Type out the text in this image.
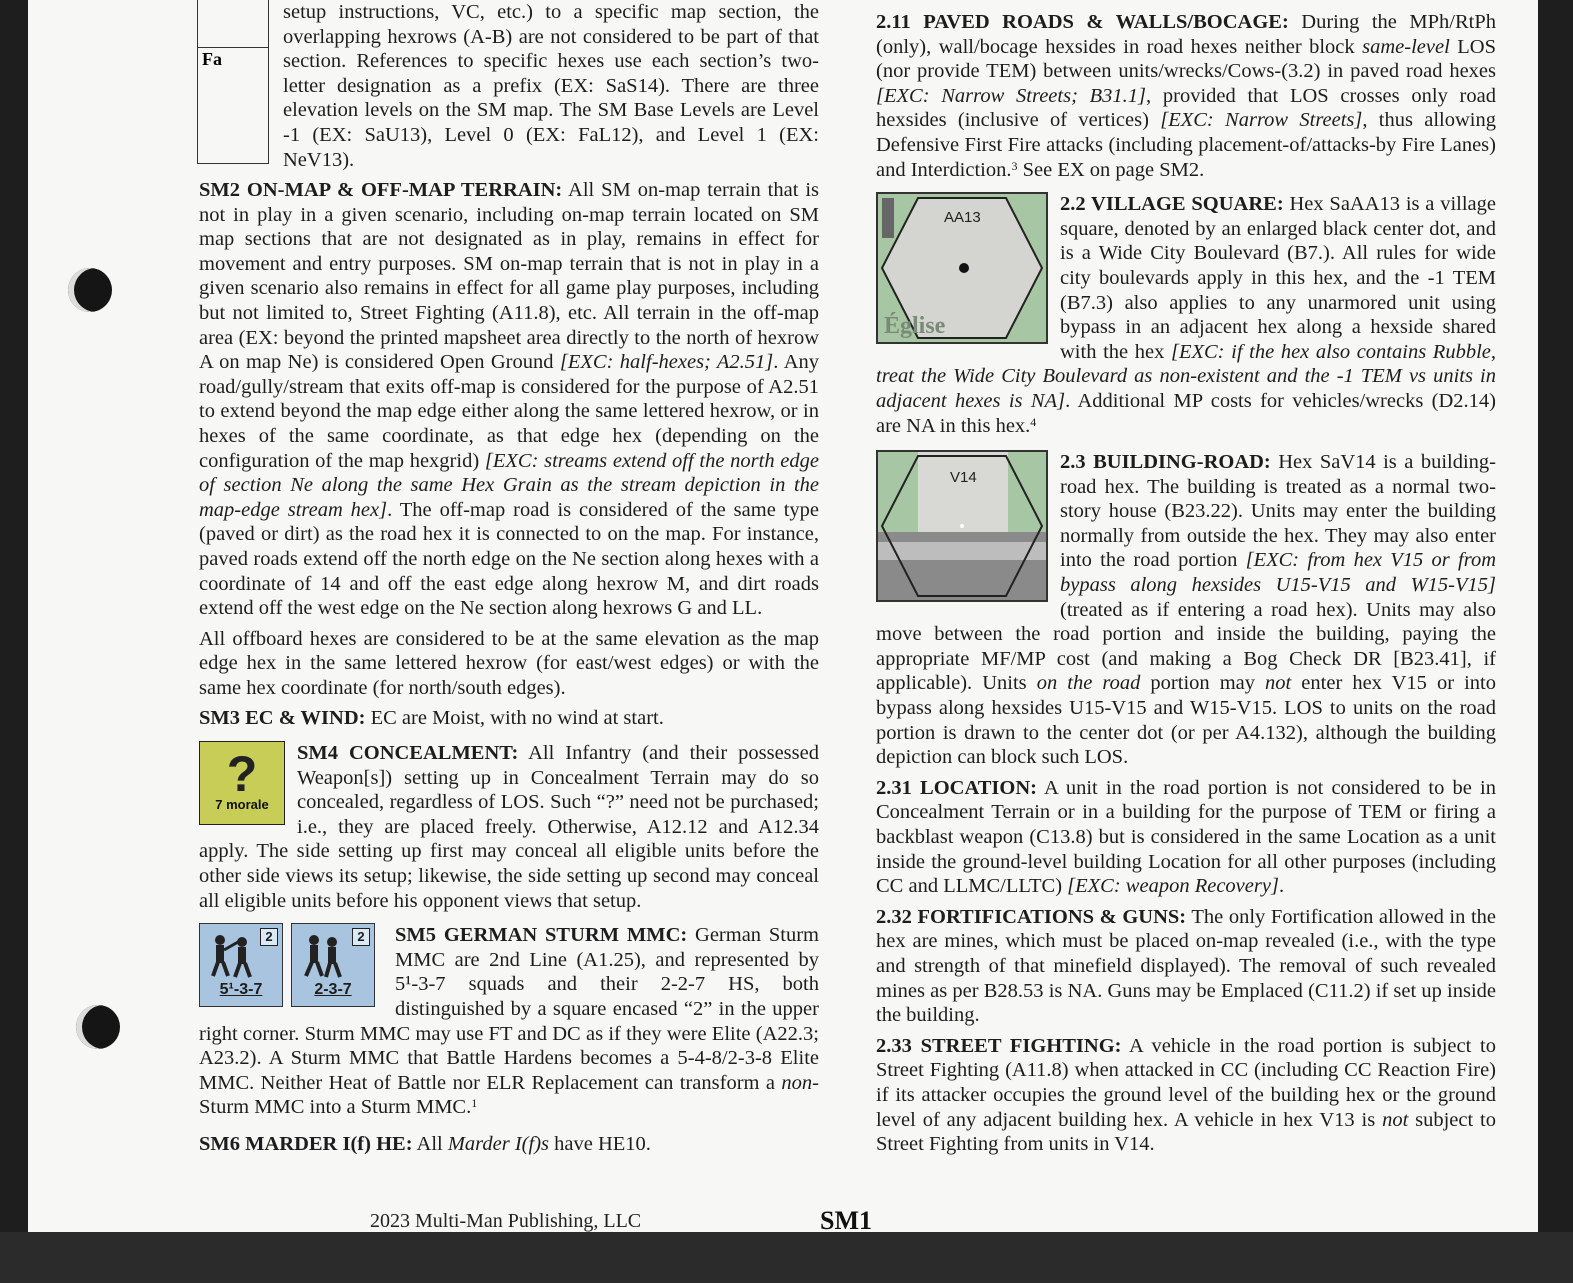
Fa

setup instructions, VC, etc.) to a specific map section, the overlapping hexrows (A-B) are not considered to be part of that section. References to specific hexes use each section’s two-letter designation as a prefix (EX: SaS14). There are three elevation levels on the SM map. The SM Base Levels are Level -1 (EX: SaU13), Level 0 (EX: FaL12), and Level 1 (EX: NeV13).

SM2 ON-MAP & OFF-MAP TERRAIN: All SM on-map terrain that is not in play in a given scenario, including on-map terrain located on SM map sections that are not designated as in play, remains in effect for movement and entry purposes. SM on-map terrain that is not in play in a given scenario also remains in effect for all game play purposes, including but not limited to, Street Fighting (A11.8), etc. All terrain in the off-map area (EX: beyond the printed mapsheet area directly to the north of hexrow A on map Ne) is considered Open Ground [EXC: half-hexes; A2.51]. Any road/gully/stream that exits off-map is considered for the purpose of A2.51 to extend beyond the map edge either along the same lettered hexrow, or in hexes of the same coordinate, as that edge hex (depending on the configuration of the map hexgrid) [EXC: streams extend off the north edge of section Ne along the same Hex Grain as the stream depiction in the map-edge stream hex]. The off-map road is considered of the same type (paved or dirt) as the road hex it is connected to on the map. For instance, paved roads extend off the north edge on the Ne section along hexes with a coordinate of 14 and off the east edge along hexrow M, and dirt roads extend off the west edge on the Ne section along hexrows G and LL.

All offboard hexes are considered to be at the same elevation as the map edge hex in the same lettered hexrow (for east/west edges) or with the same hex coordinate (for north/south edges).

SM3 EC & WIND: EC are Moist, with no wind at start.

?
7 morale

SM4 CONCEALMENT: All Infantry (and their possessed Weapon[s]) setting up in Concealment Terrain may do so concealed, regardless of LOS. Such “?” need not be purchased; i.e., they are placed freely. Otherwise, A12.12 and A12.34 apply. The side setting up first may conceal all eligible units before the other side views its setup; likewise, the side setting up second may conceal all eligible units before his opponent views that setup.

2
5¹-3-7
2
2-3-7

SM5 GERMAN STURM MMC: German Sturm MMC are 2nd Line (A1.25), and represented by 5¹-3-7 squads and their 2-2-7 HS, both distinguished by a square encased “2” in the upper right corner. Sturm MMC may use FT and DC as if they were Elite (A22.3; A23.2). A Sturm MMC that Battle Hardens becomes a 5-4-8/2-3-8 Elite MMC. Neither Heat of Battle nor ELR Replacement can transform a non-Sturm MMC into a Sturm MMC.$^1$

SM6 MARDER I(f) HE: All Marder I(f)s have HE10.

2.11 PAVED ROADS & WALLS/BOCAGE: During the MPh/RtPh (only), wall/bocage hexsides in road hexes neither block same-level LOS (nor provide TEM) between units/wrecks/Cows-(3.2) in paved road hexes [EXC: Narrow Streets; B31.1], provided that LOS crosses only road hexsides (inclusive of vertices) [EXC: Narrow Streets], thus allowing Defensive First Fire attacks (including placement-of/attacks-by Fire Lanes) and Interdiction.$^3$ See EX on page SM2.

AA13
Église

2.2 VILLAGE SQUARE: Hex SaAA13 is a village square, denoted by an enlarged black center dot, and is a Wide City Boulevard (B7.). All rules for wide city boulevards apply in this hex, and the -1 TEM (B7.3) also applies to any unarmored unit using bypass in an adjacent hex along a hexside shared with the hex [EXC: if the hex also contains Rubble, treat the Wide City Boulevard as non-existent and the -1 TEM vs units in adjacent hexes is NA]. Additional MP costs for vehicles/wrecks (D2.14) are NA in this hex.$^4$

V14

2.3 BUILDING-ROAD: Hex SaV14 is a building-road hex. The building is treated as a normal two-story house (B23.22). Units may enter the building normally from outside the hex. They may also enter into the road portion [EXC: from hex V15 or from bypass along hexsides U15-V15 and W15-V15] (treated as if entering a road hex). Units may also move between the road portion and inside the building, paying the appropriate MF/MP cost (and making a Bog Check DR [B23.41], if applicable). Units on the road portion may not enter hex V15 or into bypass along hexsides U15-V15 and W15-V15. LOS to units on the road portion is drawn to the center dot (or per A4.132), although the building depiction can block such LOS.

2.31 LOCATION: A unit in the road portion is not considered to be in Concealment Terrain or in a building for the purpose of TEM or firing a backblast weapon (C13.8) but is considered in the same Location as a unit inside the ground-level building Location for all other purposes (including CC and LLMC/LLTC) [EXC: weapon Recovery].

2.32 FORTIFICATIONS & GUNS: The only Fortification allowed in the hex are mines, which must be placed on-map revealed (i.e., with the type and strength of that minefield displayed). The removal of such revealed mines as per B28.53 is NA. Guns may be Emplaced (C11.2) if set up inside the building.

2.33 STREET FIGHTING: A vehicle in the road portion is subject to Street Fighting (A11.8) when attacked in CC (including CC Reaction Fire) if its attacker occupies the ground level of the building hex or the ground level of any adjacent building hex. A vehicle in hex V13 is not subject to Street Fighting from units in V14.

2023 Multi-Man Publishing, LLC	SM1
